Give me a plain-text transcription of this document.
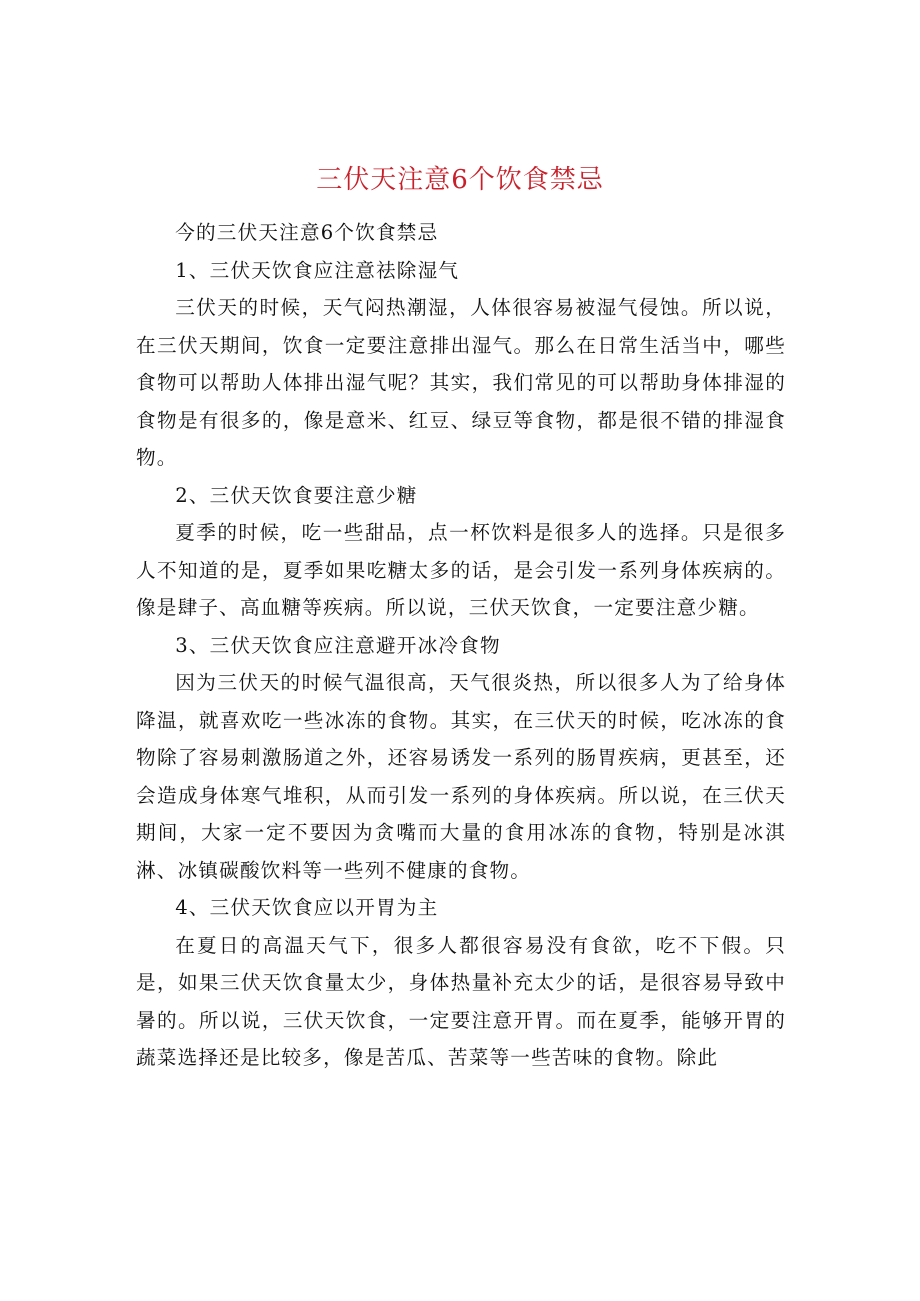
三伏天注意6个饮食禁忌

今的三伏天注意6个饮食禁忌

1、三伏天饮食应注意祛除湿气

三伏天的时候，天气闷热潮湿，人体很容易被湿气侵蚀。所以说，在三伏天期间，饮食一定要注意排出湿气。那么在日常生活当中，哪些食物可以帮助人体排出湿气呢？其实，我们常见的可以帮助身体排湿的食物是有很多的，像是意米、红豆、绿豆等食物，都是很不错的排湿食物。

2、三伏天饮食要注意少糖

夏季的时候，吃一些甜品，点一杯饮料是很多人的选择。只是很多人不知道的是，夏季如果吃糖太多的话，是会引发一系列身体疾病的。像是肆子、高血糖等疾病。所以说，三伏天饮食，一定要注意少糖。

3、三伏天饮食应注意避开冰冷食物

因为三伏天的时候气温很高，天气很炎热，所以很多人为了给身体降温，就喜欢吃一些冰冻的食物。其实，在三伏天的时候，吃冰冻的食物除了容易刺激肠道之外，还容易诱发一系列的肠胃疾病，更甚至，还会造成身体寒气堆积，从而引发一系列的身体疾病。所以说，在三伏天期间，大家一定不要因为贪嘴而大量的食用冰冻的食物，特别是冰淇淋、冰镇碳酸饮料等一些列不健康的食物。

4、三伏天饮食应以开胃为主

在夏日的高温天气下，很多人都很容易没有食欲，吃不下假。只是，如果三伏天饮食量太少，身体热量补充太少的话，是很容易导致中暑的。所以说，三伏天饮食，一定要注意开胃。而在夏季，能够开胃的蔬菜选择还是比较多，像是苦瓜、苦菜等一些苦味的食物。除此
